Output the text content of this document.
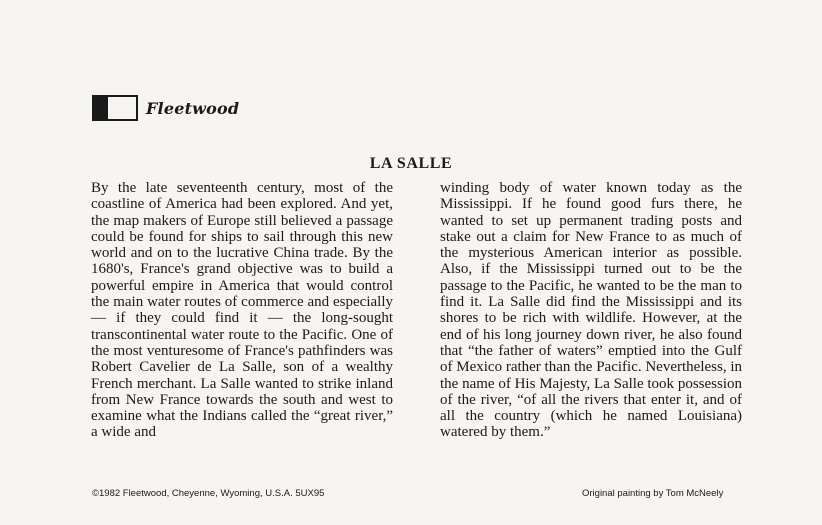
Fleetwood
LA SALLE
By the late seventeenth century, most of the coastline of America had been explored. And yet, the map makers of Europe still believed a passage could be found for ships to sail through this new world and on to the lucrative China trade. By the 1680's, France's grand objective was to build a powerful empire in America that would control the main water routes of commerce and especially — if they could find it — the long-sought transcontinental water route to the Pacific. One of the most venturesome of France's pathfinders was Robert Cavelier de La Salle, son of a wealthy French merchant. La Salle wanted to strike inland from New France towards the south and west to examine what the Indians called the “great river,” a wide and
winding body of water known today as the Mississippi. If he found good furs there, he wanted to set up permanent trading posts and stake out a claim for New France to as much of the mysterious American interior as possible. Also, if the Mississippi turned out to be the passage to the Pacific, he wanted to be the man to find it. La Salle did find the Mississippi and its shores to be rich with wildlife. However, at the end of his long journey down river, he also found that “the father of waters” emptied into the Gulf of Mexico rather than the Pacific. Nevertheless, in the name of His Majesty, La Salle took possession of the river, “of all the rivers that enter it, and of all the country (which he named Louisiana) watered by them.”
©1982 Fleetwood, Cheyenne, Wyoming, U.S.A. 5UX95	Original painting by Tom McNeely
